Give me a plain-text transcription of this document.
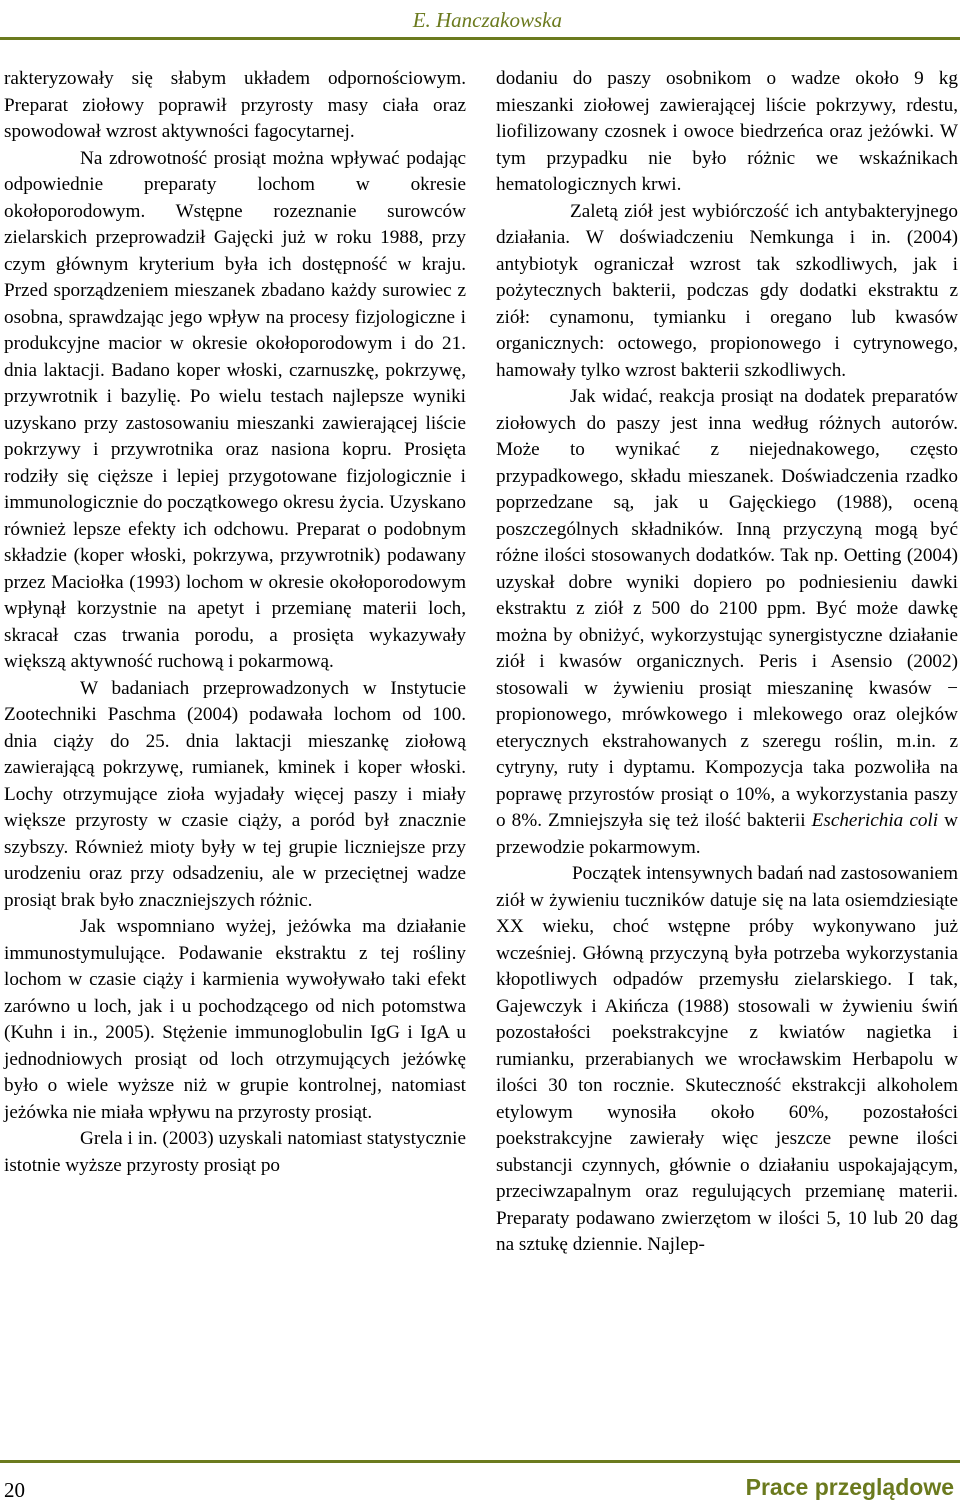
E. Hanczakowska

rakteryzowały się słabym układem odpornościowym. Preparat ziołowy poprawił przyrosty masy ciała oraz spowodował wzrost aktywności fagocytarnej.

Na zdrowotność prosiąt można wpływać podając odpowiednie preparaty lochom w okresie okołoporodowym. Wstępne rozeznanie surowców zielarskich przeprowadził Gajęcki już w roku 1988, przy czym głównym kryterium była ich dostępność w kraju. Przed sporządzeniem mieszanek zbadano każdy surowiec z osobna, sprawdzając jego wpływ na procesy fizjologiczne i produkcyjne macior w okresie okołoporodowym i do 21. dnia laktacji. Badano koper włoski, czarnuszkę, pokrzywę, przywrotnik i bazylię. Po wielu testach najlepsze wyniki uzyskano przy zastosowaniu mieszanki zawierającej liście pokrzywy i przywrotnika oraz nasiona kopru. Prosięta rodziły się cięższe i lepiej przygotowane fizjologicznie i immunologicznie do początkowego okresu życia. Uzyskano również lepsze efekty ich odchowu. Preparat o podobnym składzie (koper włoski, pokrzywa, przywrotnik) podawany przez Maciołka (1993) lochom w okresie okołoporodowym wpłynął korzystnie na apetyt i przemianę materii loch, skracał czas trwania porodu, a prosięta wykazywały większą aktywność ruchową i pokarmową.

W badaniach przeprowadzonych w Instytucie Zootechniki Paschma (2004) podawała lochom od 100. dnia ciąży do 25. dnia laktacji mieszankę ziołową zawierającą pokrzywę, rumianek, kminek i koper włoski. Lochy otrzymujące zioła wyjadały więcej paszy i miały większe przyrosty w czasie ciąży, a poród był znacznie szybszy. Również mioty były w tej grupie liczniejsze przy urodzeniu oraz przy odsadzeniu, ale w przeciętnej wadze prosiąt brak było znaczniejszych różnic.

Jak wspomniano wyżej, jeżówka ma działanie immunostymulujące. Podawanie ekstraktu z tej rośliny lochom w czasie ciąży i karmienia wywoływało taki efekt zarówno u loch, jak i u pochodzącego od nich potomstwa (Kuhn i in., 2005). Stężenie immunoglobulin IgG i IgA u jednodniowych prosiąt od loch otrzymujących jeżówkę było o wiele wyższe niż w grupie kontrolnej, natomiast jeżówka nie miała wpływu na przyrosty prosiąt.

Grela i in. (2003) uzyskali natomiast statystycznie istotnie wyższe przyrosty prosiąt po

dodaniu do paszy osobnikom o wadze około 9 kg mieszanki ziołowej zawierającej liście pokrzywy, rdestu, liofilizowany czosnek i owoce biedrzeńca oraz jeżówki. W tym przypadku nie było różnic we wskaźnikach hematologicznych krwi.

Zaletą ziół jest wybiórczość ich antybakteryjnego działania. W doświadczeniu Nemkunga i in. (2004) antybiotyk ograniczał wzrost tak szkodliwych, jak i pożytecznych bakterii, podczas gdy dodatki ekstraktu z ziół: cynamonu, tymianku i oregano lub kwasów organicznych: octowego, propionowego i cytrynowego, hamowały tylko wzrost bakterii szkodliwych.

Jak widać, reakcja prosiąt na dodatek preparatów ziołowych do paszy jest inna według różnych autorów. Może to wynikać z niejednakowego, często przypadkowego, składu mieszanek. Doświadczenia rzadko poprzedzane są, jak u Gajęckiego (1988), oceną poszczególnych składników. Inną przyczyną mogą być różne ilości stosowanych dodatków. Tak np. Oetting (2004) uzyskał dobre wyniki dopiero po podniesieniu dawki ekstraktu z ziół z 500 do 2100 ppm. Być może dawkę można by obniżyć, wykorzystując synergistyczne działanie ziół i kwasów organicznych. Peris i Asensio (2002) stosowali w żywieniu prosiąt mieszaninę kwasów − propionowego, mrówkowego i mlekowego oraz olejków eterycznych ekstrahowanych z szeregu roślin, m.in. z cytryny, ruty i dyptamu. Kompozycja taka pozwoliła na poprawę przyrostów prosiąt o 10%, a wykorzystania paszy o 8%. Zmniejszyła się też ilość bakterii Escherichia coli w przewodzie pokarmowym.

Początek intensywnych badań nad zastosowaniem ziół w żywieniu tuczników datuje się na lata osiemdziesiąte XX wieku, choć wstępne próby wykonywano już wcześniej. Główną przyczyną była potrzeba wykorzystania kłopotliwych odpadów przemysłu zielarskiego. I tak, Gajewczyk i Akińcza (1988) stosowali w żywieniu świń pozostałości poekstrakcyjne z kwiatów nagietka i rumianku, przerabianych we wrocławskim Herbapolu w ilości 30 ton rocznie. Skuteczność ekstrakcji alkoholem etylowym wynosiła około 60%, pozostałości poekstrakcyjne zawierały więc jeszcze pewne ilości substancji czynnych, głównie o działaniu uspokajającym, przeciwzapalnym oraz regulujących przemianę materii. Preparaty podawano zwierzętom w ilości 5, 10 lub 20 dag na sztukę dziennie. Najlep-

20	Prace przeglądowe
